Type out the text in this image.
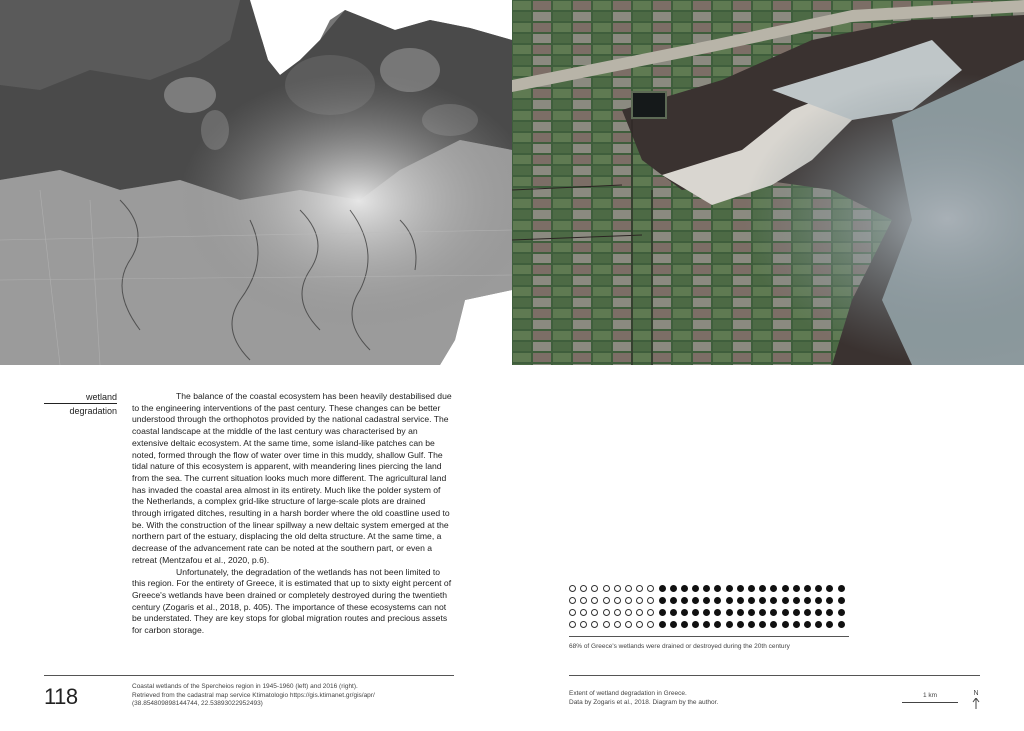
wetland
degradation

The balance of the coastal ecosystem has been heavily destabilised due to the engineering interventions of the past century. These changes can be better understood through the orthophotos provided by the national cadastral service. The coastal landscape at the middle of the last century was characterised by an extensive deltaic ecosystem. At the same time, some island-like patches can be noted, formed through the flow of water over time in this muddy, shallow Gulf. The tidal nature of this ecosystem is apparent, with meandering lines piercing the land from the sea. The current situation looks much more different. The agricultural land has invaded the coastal area almost in its entirety. Much like the polder system of the Netherlands, a complex grid-like structure of large-scale plots are drained through irrigated ditches, resulting in a harsh border where the old coastline used to be. With the construction of the linear spillway a new deltaic system emerged at the northern part of the estuary, displacing the old delta structure. At the same time, a decrease of the advancement rate can be noted at the southern part, or even a retreat (Mentzafou et al., 2020, p.6).

Unfortunately, the degradation of the wetlands has not been limited to this region. For the entirety of Greece, it is estimated that up to sixty eight percent of Greece's wetlands have been drained or completely destroyed during the twentieth century (Zogaris et al., 2018, p. 405). The importance of these ecosystems can not be understated. They are key stops for global migration routes and precious assets for carbon storage.

68% of Greece's wetlands were drained or destroyed during the 20th century
118	Coastal wetlands of the Spercheios region in 1945-1960 (left) and 2016 (right).
Retrieved from the cadastral map service Ktimatologio https://gis.ktimanet.gr/gis/apr/
(38.854809898144744, 22.53893022952493)
Extent of wetland degradation in Greece.
Data by Zogaris et al., 2018. Diagram by the author.
1 km	N
